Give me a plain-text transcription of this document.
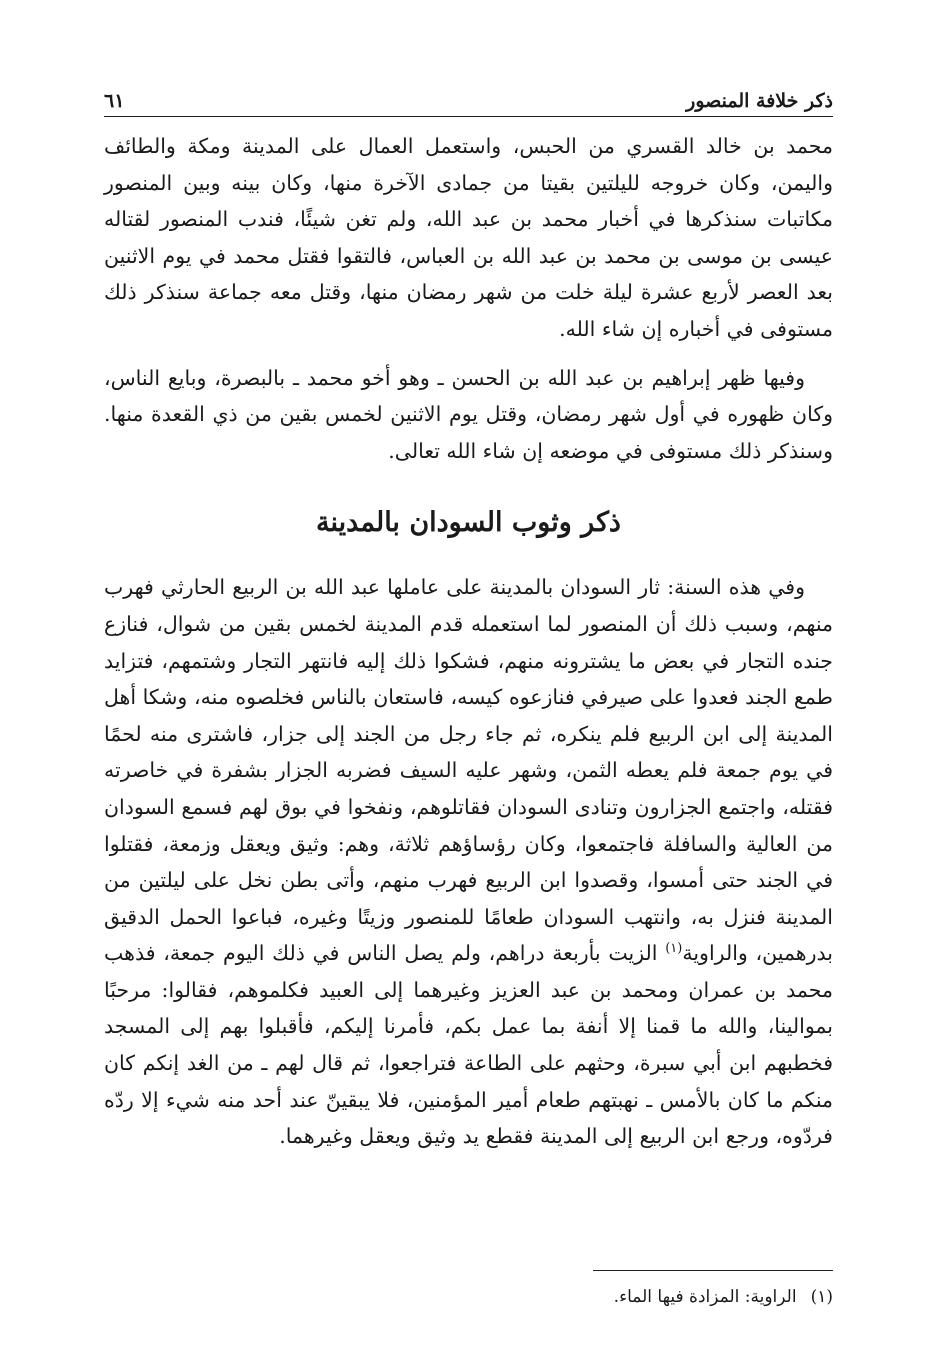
ذكر خلافة المنصور
٦١

محمد بن خالد القسري من الحبس، واستعمل العمال على المدينة ومكة والطائف واليمن، وكان خروجه لليلتين بقيتا من جمادى الآخرة منها، وكان بينه وبين المنصور مكاتبات سنذكرها في أخبار محمد بن عبد الله، ولم تغن شيئًا، فندب المنصور لقتاله عيسى بن موسى بن محمد بن عبد الله بن العباس، فالتقوا فقتل محمد في يوم الاثنين بعد العصر لأربع عشرة ليلة خلت من شهر رمضان منها، وقتل معه جماعة سنذكر ذلك مستوفى في أخباره إن شاء الله.

وفيها ظهر إبراهيم بن عبد الله بن الحسن ـ وهو أخو محمد ـ بالبصرة، وبايع الناس، وكان ظهوره في أول شهر رمضان، وقتل يوم الاثنين لخمس بقين من ذي القعدة منها. وسنذكر ذلك مستوفى في موضعه إن شاء الله تعالى.

ذكر وثوب السودان بالمدينة

وفي هذه السنة: ثار السودان بالمدينة على عاملها عبد الله بن الربيع الحارثي فهرب منهم، وسبب ذلك أن المنصور لما استعمله قدم المدينة لخمس بقين من شوال، فنازع جنده التجار في بعض ما يشترونه منهم، فشكوا ذلك إليه فانتهر التجار وشتمهم، فتزايد طمع الجند فعدوا على صيرفي فنازعوه كيسه، فاستعان بالناس فخلصوه منه، وشكا أهل المدينة إلى ابن الربيع فلم ينكره، ثم جاء رجل من الجند إلى جزار، فاشترى منه لحمًا في يوم جمعة فلم يعطه الثمن، وشهر عليه السيف فضربه الجزار بشفرة في خاصرته فقتله، واجتمع الجزارون وتنادى السودان فقاتلوهم، ونفخوا في بوق لهم فسمع السودان من العالية والسافلة فاجتمعوا، وكان رؤساؤهم ثلاثة، وهم: وثيق ويعقل وزمعة، فقتلوا في الجند حتى أمسوا، وقصدوا ابن الربيع فهرب منهم، وأتى بطن نخل على ليلتين من المدينة فنزل به، وانتهب السودان طعامًا للمنصور وزيتًا وغيره، فباعوا الحمل الدقيق بدرهمين، والراوية$^{(١)}$ الزيت بأربعة دراهم، ولم يصل الناس في ذلك اليوم جمعة، فذهب محمد بن عمران ومحمد بن عبد العزيز وغيرهما إلى العبيد فكلموهم، فقالوا: مرحبًا بموالينا، والله ما قمنا إلا أنفة بما عمل بكم، فأمرنا إليكم، فأقبلوا بهم إلى المسجد فخطبهم ابن أبي سبرة، وحثهم على الطاعة فتراجعوا، ثم قال لهم ـ من الغد إنكم كان منكم ما كان بالأمس ـ نهبتهم طعام أمير المؤمنين، فلا يبقينّ عند أحد منه شيء إلا ردّه فردّوه، ورجع ابن الربيع إلى المدينة فقطع يد وثيق ويعقل وغيرهما.

(١)
الراوية: المزادة فيها الماء.
